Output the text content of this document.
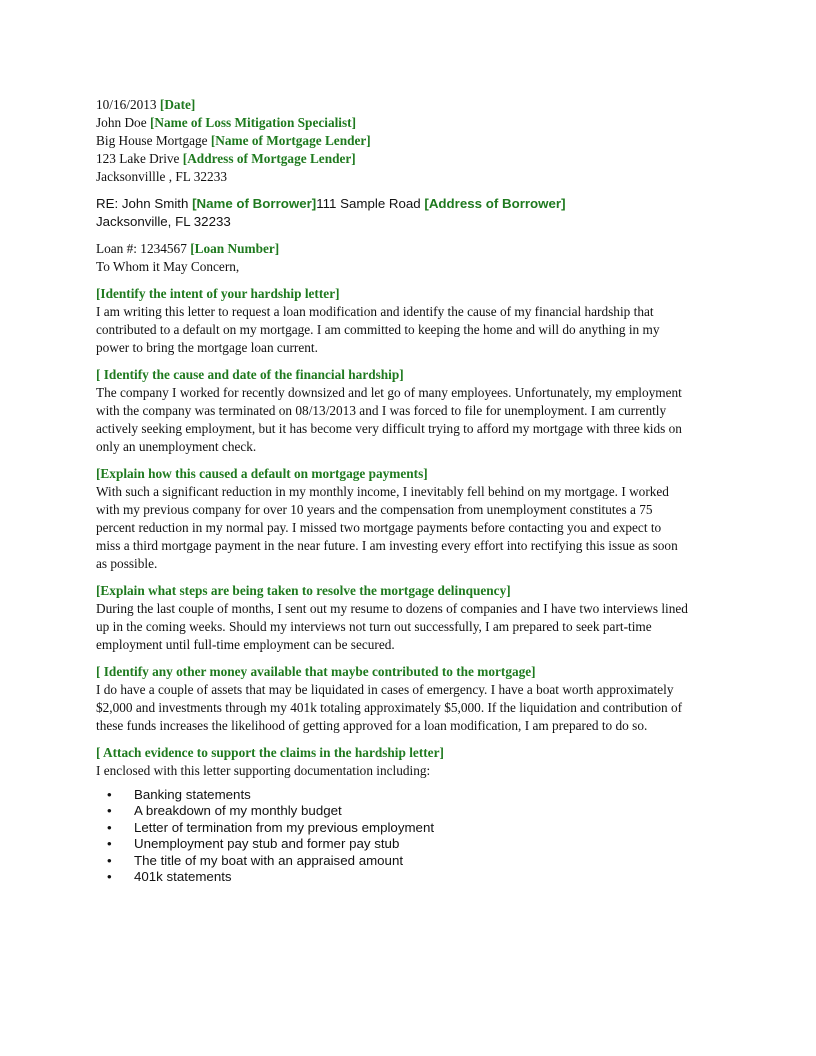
10/16/2013 [Date]
John Doe [Name of Loss Mitigation Specialist]
Big House Mortgage [Name of Mortgage Lender]
123 Lake Drive [Address of Mortgage Lender]
Jacksonvillle , FL 32233
RE: John Smith [Name of Borrower]111 Sample Road [Address of Borrower]
Jacksonville, FL 32233
Loan #: 1234567 [Loan Number]
To Whom it May Concern,
[Identify the intent of your hardship letter]
I am writing this letter to request a loan modification and identify the cause of my financial hardship that
contributed to a default on my mortgage. I am committed to keeping the home and will do anything in my
power to bring the mortgage loan current.
[ Identify the cause and date of the financial hardship]
The company I worked for recently downsized and let go of many employees. Unfortunately, my employment
with the company was terminated on 08/13/2013 and I was forced to file for unemployment. I am currently
actively seeking employment, but it has become very difficult trying to afford my mortgage with three kids on
only an unemployment check.
[Explain how this caused a default on mortgage payments]
With such a significant reduction in my monthly income, I inevitably fell behind on my mortgage. I worked
with my previous company for over 10 years and the compensation from unemployment constitutes a 75
percent reduction in my normal pay. I missed two mortgage payments before contacting you and expect to
miss a third mortgage payment in the near future. I am investing every effort into rectifying this issue as soon
as possible.
[Explain what steps are being taken to resolve the mortgage delinquency]
During the last couple of months, I sent out my resume to dozens of companies and I have two interviews lined
up in the coming weeks. Should my interviews not turn out successfully, I am prepared to seek part-time
employment until full-time employment can be secured.
[ Identify any other money available that maybe contributed to the mortgage]
I do have a couple of assets that may be liquidated in cases of emergency. I have a boat worth approximately
$2,000 and investments through my 401k totaling approximately $5,000. If the liquidation and contribution of
these funds increases the likelihood of getting approved for a loan modification, I am prepared to do so.
[ Attach evidence to support the claims in the hardship letter]
I enclosed with this letter supporting documentation including:
• Banking statements
• A breakdown of my monthly budget
• Letter of termination from my previous employment
• Unemployment pay stub and former pay stub
• The title of my boat with an appraised amount
• 401k statements
